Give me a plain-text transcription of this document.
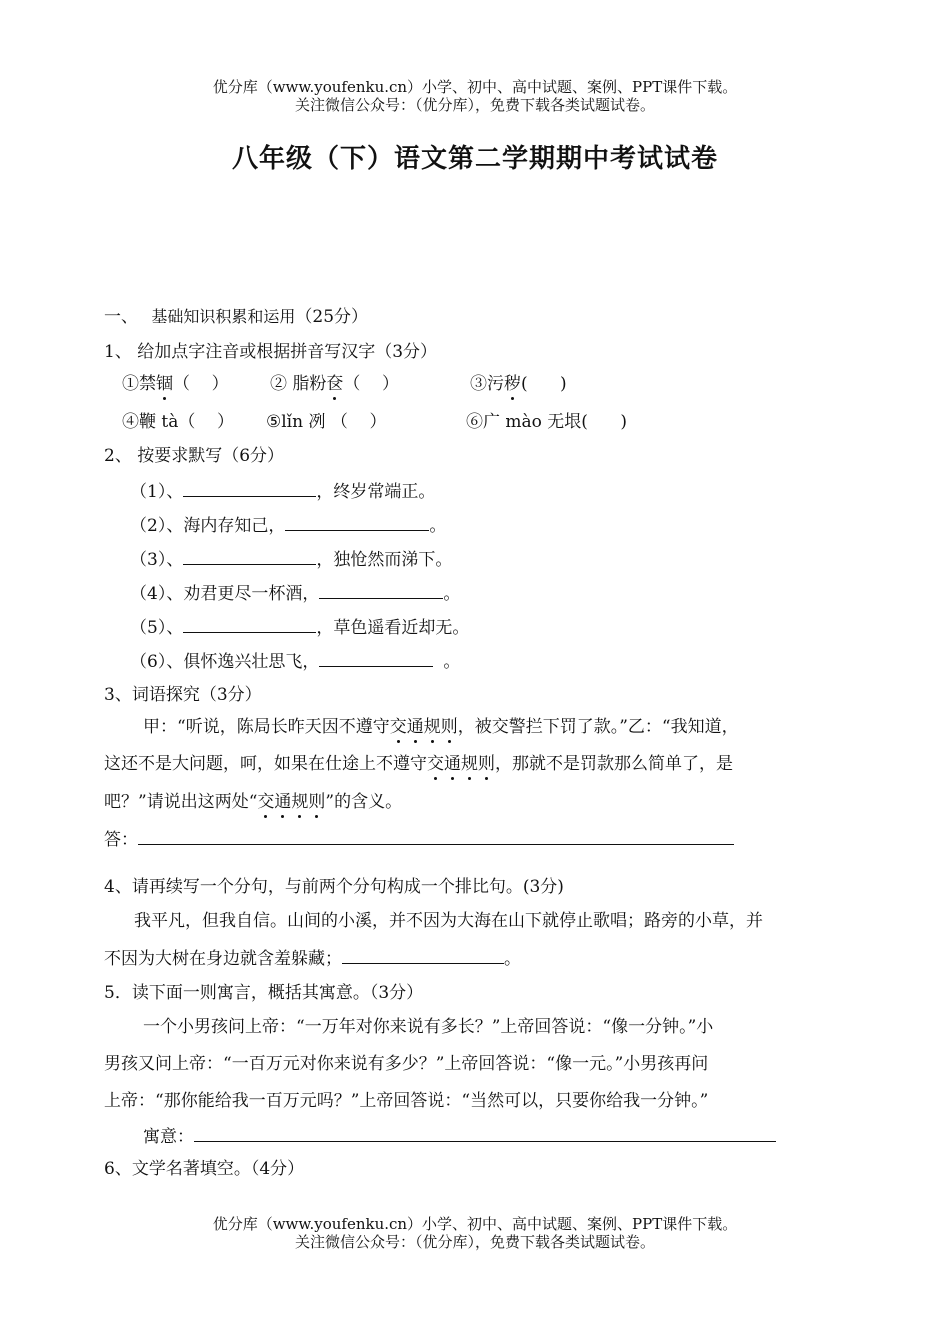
优分库（www.youfenku.cn）小学、初中、高中试题、案例、PPT课件下载。
关注微信公众号：（优分库），免费下载各类试题试卷。
八年级（下）语文第二学期期中考试试卷
一、 基础知识积累和运用（25分）
1、 给加点字注音或根据拼音写汉字（3分）
①禁锢（    ） ② 脂粉奁（    ）	③污秽(      )
④鞭 tà（    ） ⑤lǐn 冽 （    ）	⑥广 mào 无垠(      )
2、 按要求默写（6分）
（1）、	，终岁常端正。
（2）、海内存知己，	。
（3）、	，独怆然而涕下。
（4）、劝君更尽一杯酒，	。
（5）、	，草色遥看近却无。
（6）、俱怀逸兴壮思飞，	。
3、词语探究（3分）
甲：“听说，陈局长昨天因不遵守交通规则，被交警拦下罚了款。”乙：“我知道，
这还不是大问题，呵，如果在仕途上不遵守交通规则，那就不是罚款那么简单了，是
吧？”请说出这两处“交通规则”的含义。
答：
4、请再续写一个分句，与前两个分句构成一个排比句。(3分)
我平凡，但我自信。山间的小溪，并不因为大海在山下就停止歌唱；路旁的小草，并
不因为大树在身边就含羞躲藏；	。
5．读下面一则寓言，概括其寓意。（3分）
一个小男孩问上帝：“一万年对你来说有多长？”上帝回答说：“像一分钟。”小
男孩又问上帝：“一百万元对你来说有多少？”上帝回答说：“像一元。”小男孩再问
上帝：“那你能给我一百万元吗？”上帝回答说：“当然可以，只要你给我一分钟。”
寓意：
6、文学名著填空。（4分）
优分库（www.youfenku.cn）小学、初中、高中试题、案例、PPT课件下载。
关注微信公众号：（优分库），免费下载各类试题试卷。
